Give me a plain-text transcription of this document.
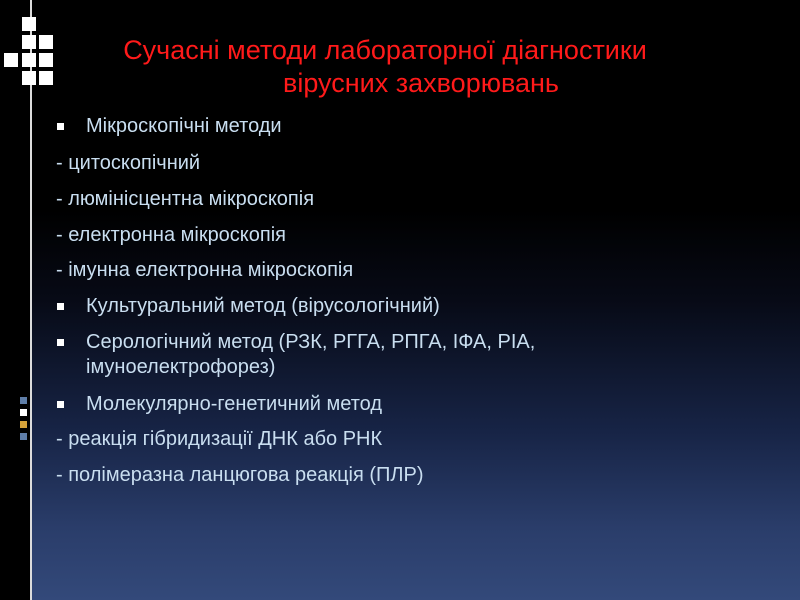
Сучасні методи лабораторної діагностики
вірусних захворювань
Мікроскопічні методи
- цитоскопічний
- люмінісцентна мікроскопія
- електронна мікроскопія
- імунна електронна мікроскопія
Культуральний метод (вірусологічний)
Серологічний метод (РЗК, РГГА, РПГА, ІФА, РІА,
імуноелектрофорез)
Молекулярно-генетичний метод
- реакція гібридизації ДНК або РНК
- полімеразна ланцюгова реакція (ПЛР)
